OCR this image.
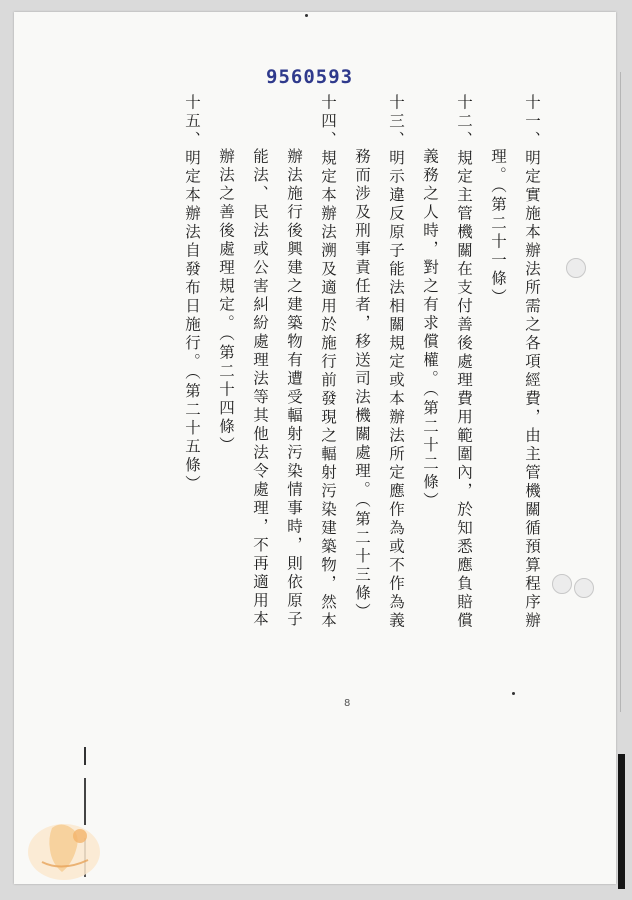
9560593
十一、明定實施本辦法所需之各項經費，由主管機關循預算程序辦
理。（第二十一條）
十二、規定主管機關在支付善後處理費用範圍內，於知悉應負賠償
義務之人時，對之有求償權。（第二十二條）
十三、明示違反原子能法相關規定或本辦法所定應作為或不作為義
務而涉及刑事責任者，移送司法機關處理。（第二十三條）
十四、規定本辦法溯及適用於施行前發現之輻射污染建築物，然本
辦法施行後興建之建築物有遭受輻射污染情事時，則依原子
能法、民法或公害糾紛處理法等其他法令處理，不再適用本
辦法之善後處理規定。（第二十四條）
十五、明定本辦法自發布日施行。（第二十五條）
8
